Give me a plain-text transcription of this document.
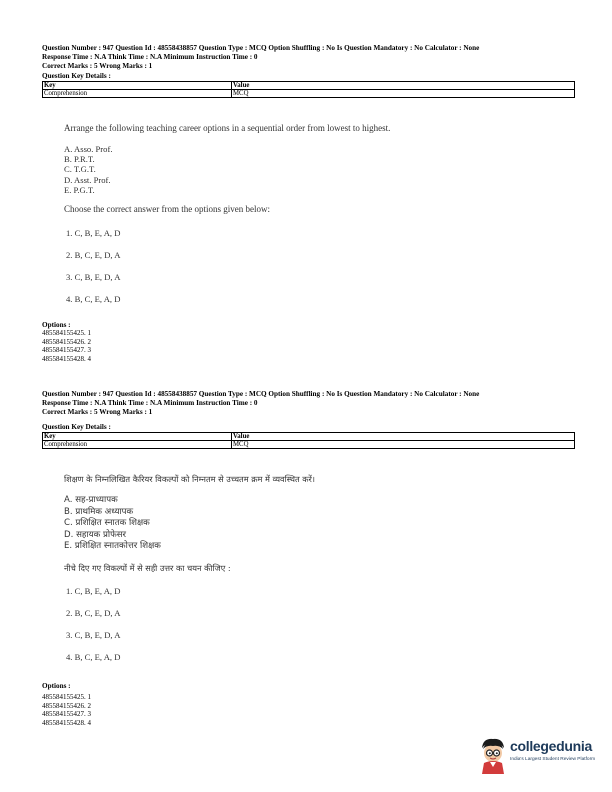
Question Number : 947 Question Id : 48558438857 Question Type : MCQ Option Shuffling : No Is Question Mandatory : No Calculator : None
Response Time : N.A Think Time : N.A Minimum Instruction Time : 0
Correct Marks : 5 Wrong Marks : 1
Question Key Details :
Key	Value
Comprehension	MCQ
Arrange the following teaching career options in a sequential order from lowest to highest.
A. Asso. Prof.
B. P.R.T.
C. T.G.T.
D. Asst. Prof.
E. P.G.T.
Choose the correct answer from the options given below:
1. C, B, E, A, D
2. B, C, E, D, A
3. C, B, E, D, A
4. B, C, E, A, D
Options :
485584155425. 1
485584155426. 2
485584155427. 3
485584155428. 4
Question Number : 947 Question Id : 48558438857 Question Type : MCQ Option Shuffling : No Is Question Mandatory : No Calculator : None
Response Time : N.A Think Time : N.A Minimum Instruction Time : 0
Correct Marks : 5 Wrong Marks : 1
Question Key Details :
Key	Value
Comprehension	MCQ
शिक्षण के निम्नलिखित कैरियर विकल्पों को निम्नतम से उच्चतम क्रम में व्यवस्थित करें।
A. सह-प्राध्यापक
B. प्राथमिक अध्यापक
C. प्रशिक्षित स्नातक शिक्षक
D. सहायक प्रोफेसर
E. प्रशिक्षित स्नातकोत्तर शिक्षक
नीचे दिए गए विकल्पों में से सही उत्तर का चयन कीजिए :
1. C, B, E, A, D
2. B, C, E, D, A
3. C, B, E, D, A
4. B, C, E, A, D
Options :
485584155425. 1
485584155426. 2
485584155427. 3
485584155428. 4
collegedunia
India's Largest Student Review Platform
